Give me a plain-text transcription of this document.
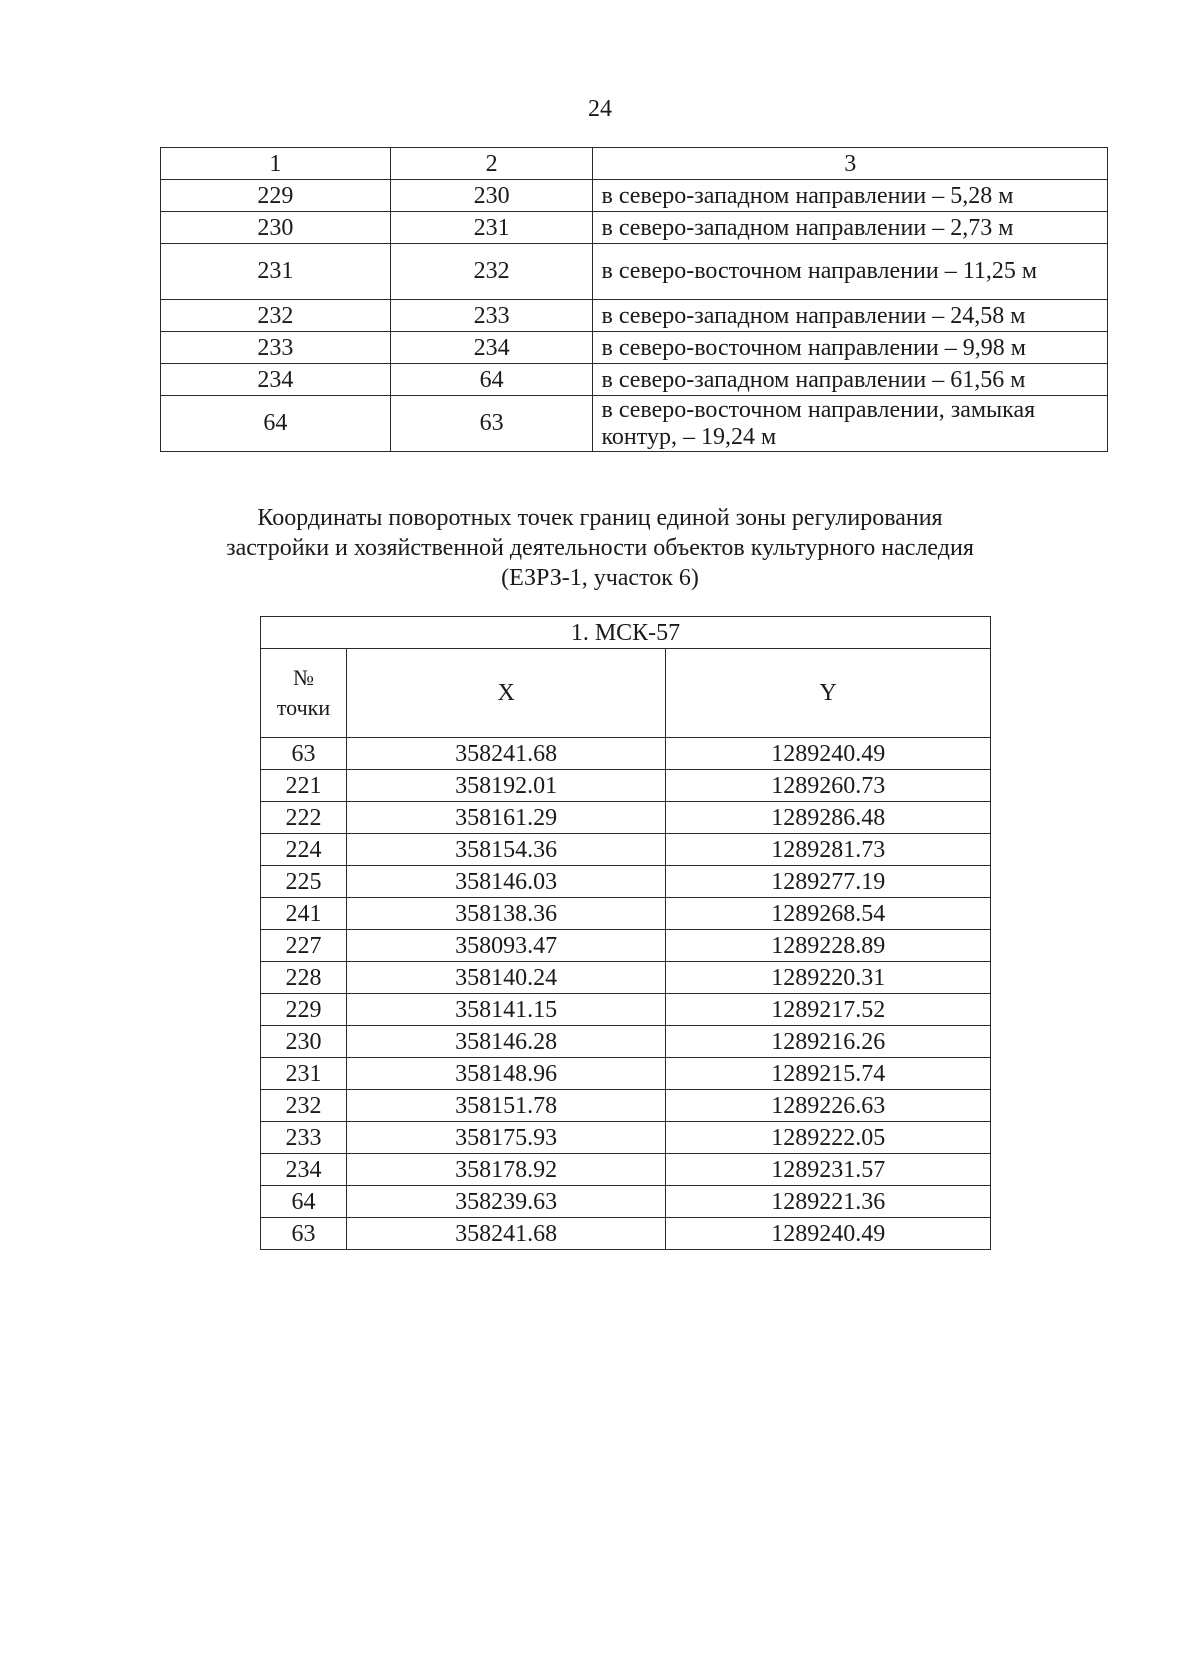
24
1	2	3
229	230	в северо-западном направлении – 5,28 м
230	231	в северо-западном направлении – 2,73 м
231	232	в северо-восточном направлении – 11,25 м
232	233	в северо-западном направлении – 24,58 м
233	234	в северо-восточном направлении – 9,98 м
234	64	в северо-западном направлении – 61,56 м
64	63	в северо-восточном направлении, замыкая контур, – 19,24 м
Координаты поворотных точек границ единой зоны регулирования
застройки и хозяйственной деятельности объектов культурного наследия
(ЕЗРЗ-1, участок 6)
1. МСК-57		

№
точки	X	Y
63	358241.68	1289240.49
221	358192.01	1289260.73
222	358161.29	1289286.48
224	358154.36	1289281.73
225	358146.03	1289277.19
241	358138.36	1289268.54
227	358093.47	1289228.89
228	358140.24	1289220.31
229	358141.15	1289217.52
230	358146.28	1289216.26
231	358148.96	1289215.74
232	358151.78	1289226.63
233	358175.93	1289222.05
234	358178.92	1289231.57
64	358239.63	1289221.36
63	358241.68	1289240.49
